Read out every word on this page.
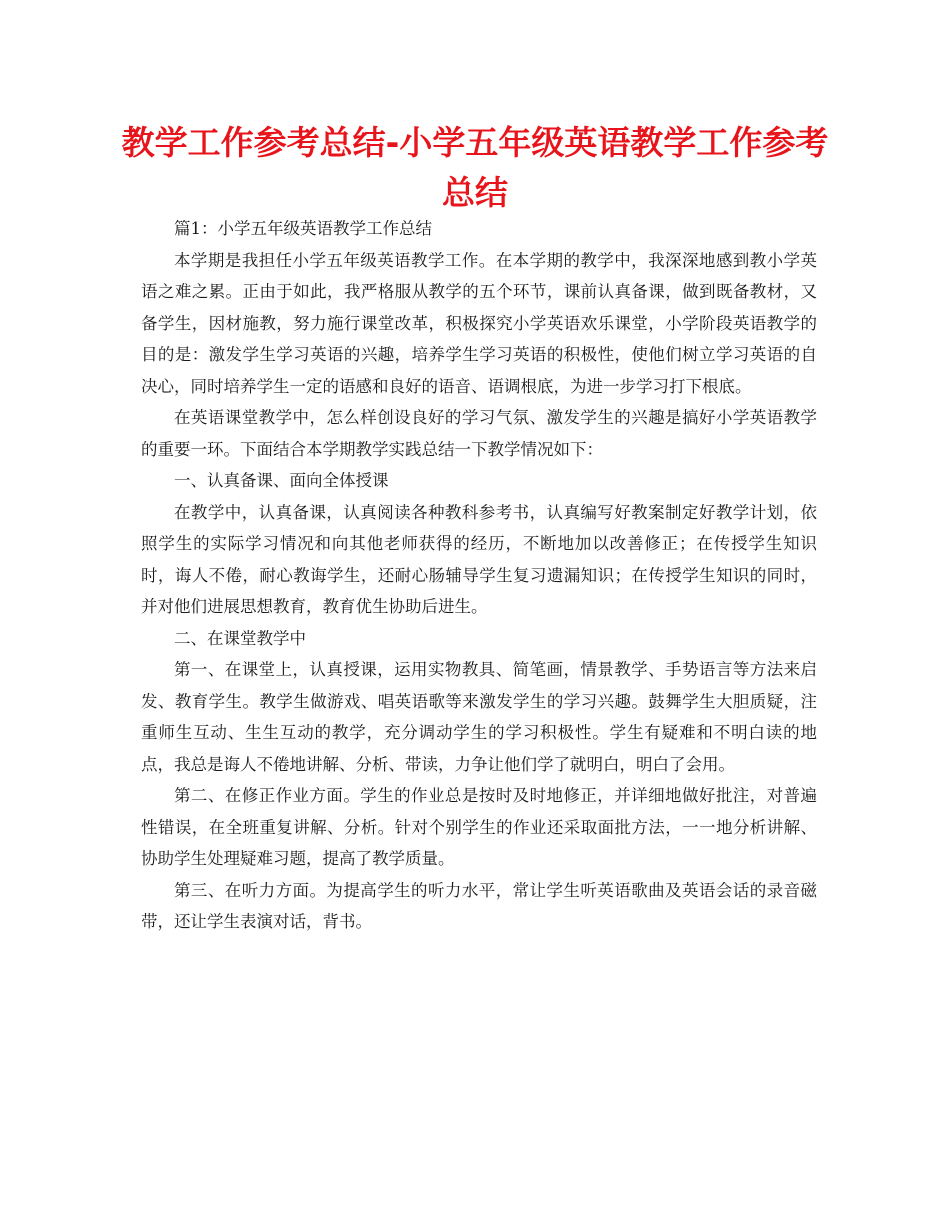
教学工作参考总结-小学五年级英语教学工作参考总结

篇1：小学五年级英语教学工作总结

本学期是我担任小学五年级英语教学工作。在本学期的教学中，我深深地感到教小学英语之难之累。正由于如此，我严格服从教学的五个环节，课前认真备课，做到既备教材，又备学生，因材施教，努力施行课堂改革，积极探究小学英语欢乐课堂，小学阶段英语教学的目的是：激发学生学习英语的兴趣，培养学生学习英语的积极性，使他们树立学习英语的自决心，同时培养学生一定的语感和良好的语音、语调根底，为进一步学习打下根底。

在英语课堂教学中，怎么样创设良好的学习气氛、激发学生的兴趣是搞好小学英语教学的重要一环。下面结合本学期教学实践总结一下教学情况如下：

一、认真备课、面向全体授课

在教学中，认真备课，认真阅读各种教科参考书，认真编写好教案制定好教学计划，依照学生的实际学习情况和向其他老师获得的经历，不断地加以改善修正；在传授学生知识时，诲人不倦，耐心教诲学生，还耐心肠辅导学生复习遗漏知识；在传授学生知识的同时，并对他们进展思想教育，教育优生协助后进生。

二、在课堂教学中

第一、在课堂上，认真授课，运用实物教具、简笔画，情景教学、手势语言等方法来启发、教育学生。教学生做游戏、唱英语歌等来激发学生的学习兴趣。鼓舞学生大胆质疑，注重师生互动、生生互动的教学，充分调动学生的学习积极性。学生有疑难和不明白读的地点，我总是诲人不倦地讲解、分析、带读，力争让他们学了就明白，明白了会用。

第二、在修正作业方面。学生的作业总是按时及时地修正，并详细地做好批注，对普遍性错误，在全班重复讲解、分析。针对个别学生的作业还采取面批方法，一一地分析讲解、协助学生处理疑难习题，提高了教学质量。

第三、在听力方面。为提高学生的听力水平，常让学生听英语歌曲及英语会话的录音磁带，还让学生表演对话，背书。
